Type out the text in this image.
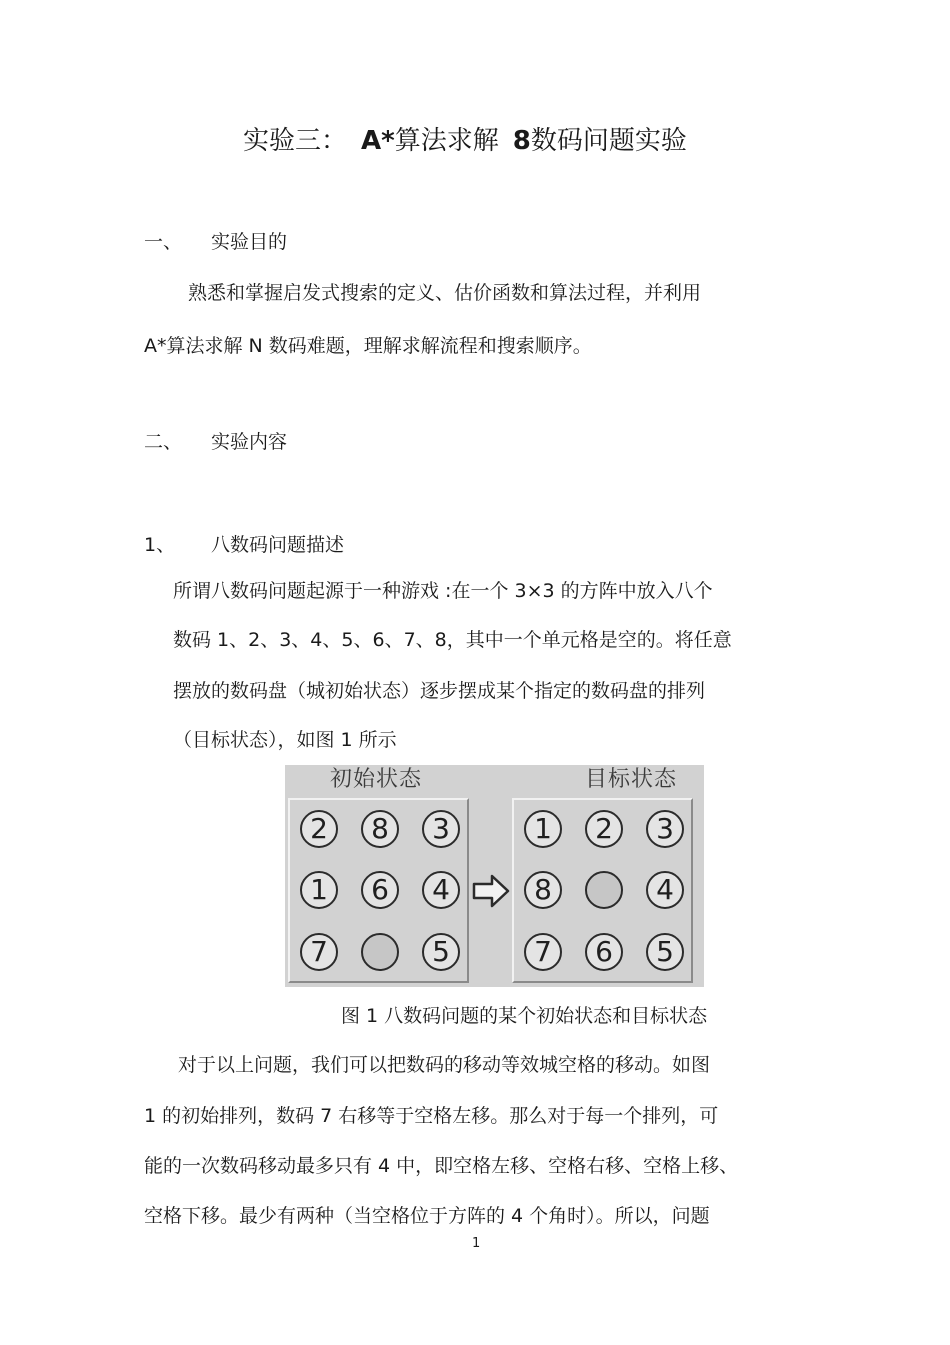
实验三： A*算法求解 8数码问题实验
一、 实验目的
熟悉和掌握启发式搜索的定义、估价函数和算法过程，并利用
A*算法求解 N 数码难题，理解求解流程和搜索顺序。
二、 实验内容
1、 八数码问题描述
所谓八数码问题起源于一种游戏 :在一个 3×3 的方阵中放入八个
数码 1、2、3、4、5、6、7、8，其中一个单元格是空的。将任意
摆放的数码盘（城初始状态）逐步摆成某个指定的数码盘的排列
（目标状态），如图 1 所示
初始状态	目标状态
2	8	3
1	6	4
7	5
1	2	3
8	4
7	6	5
图 1 八数码问题的某个初始状态和目标状态
对于以上问题，我们可以把数码的移动等效城空格的移动。如图
1 的初始排列，数码 7 右移等于空格左移。那么对于每一个排列，可
能的一次数码移动最多只有 4 中，即空格左移、空格右移、空格上移、
空格下移。最少有两种（当空格位于方阵的 4 个角时）。所以，问题
1
